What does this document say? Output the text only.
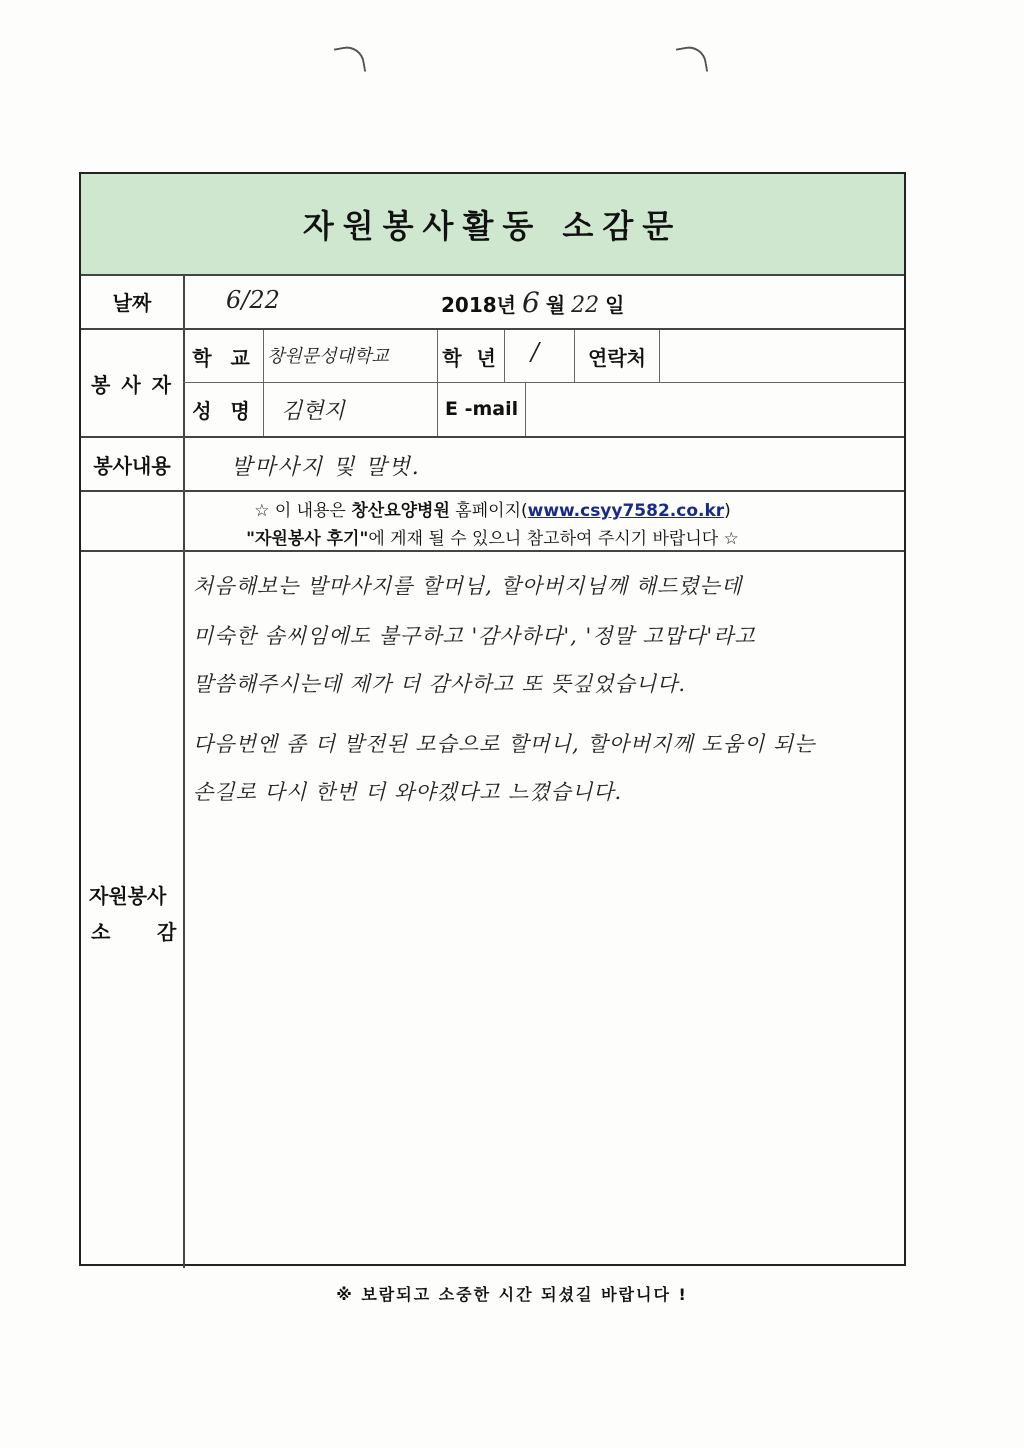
자원봉사활동 소감문
날짜	6/22	2018년 6 월 22 일
봉 사 자
학 교 창원문성대학교	학 년 /	연락처
성 명	김현지	E -mail
봉사내용	발마사지 및 말벗.
☆ 이 내용은 창산요양병원 홈페이지(www.csyy7582.co.kr)
"자원봉사 후기"에 게재 될 수 있으니 참고하여 주시기 바랍니다 ☆
자원봉사
소 감
처음해보는 발마사지를 할머님, 할아버지님께 해드렸는데
미숙한 솜씨임에도 불구하고 '감사하다', '정말 고맙다'라고
말씀해주시는데 제가 더 감사하고 또 뜻깊었습니다.
다음번엔 좀 더 발전된 모습으로 할머니, 할아버지께 도움이 되는
손길로 다시 한번 더 와야겠다고 느꼈습니다.
※ 보람되고 소중한 시간 되셨길 바랍니다 !
